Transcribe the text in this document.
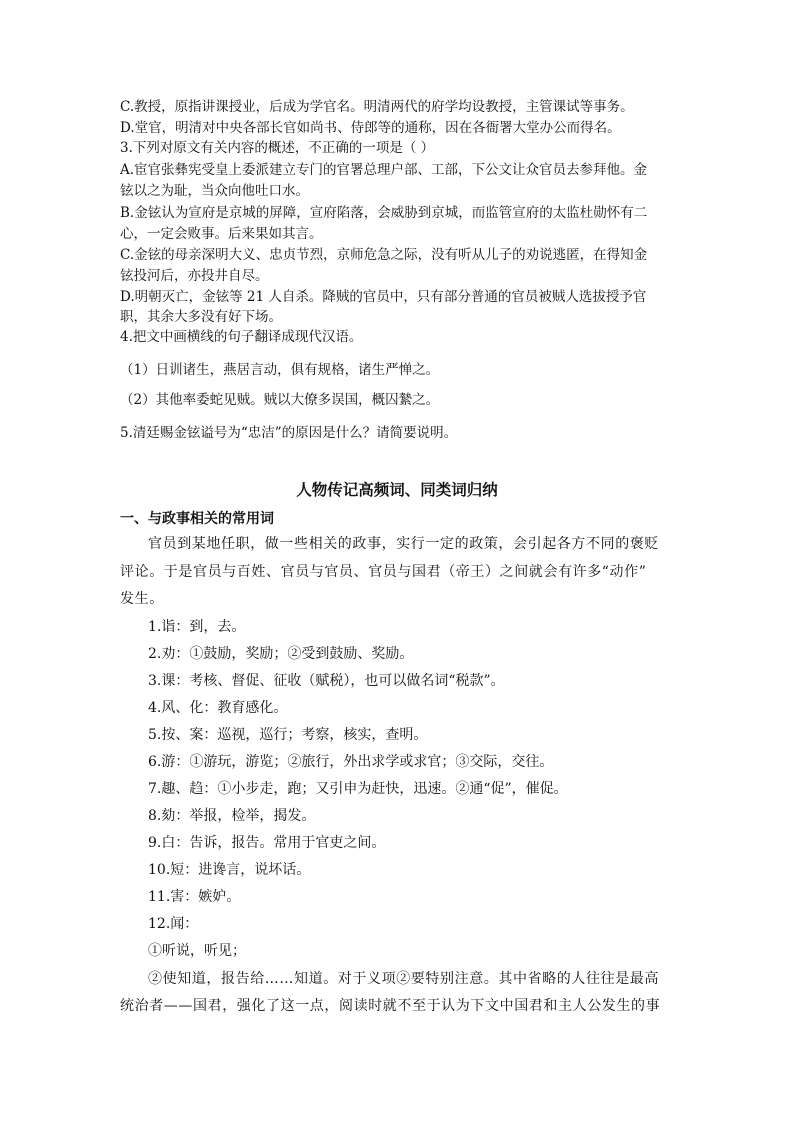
C.教授，原指讲课授业，后成为学官名。明清两代的府学均设教授，主管课试等事务。
D.堂官，明清对中央各部长官如尚书、侍郎等的通称，因在各衙署大堂办公而得名。
3.下列对原文有关内容的概述，不正确的一项是（ ）
A.宦官张彝宪受皇上委派建立专门的官署总理户部、工部，下公文让众官员去参拜他。金
铉以之为耻，当众向他吐口水。
B.金铉认为宣府是京城的屏障，宣府陷落，会威胁到京城，而监管宣府的太监杜勋怀有二
心，一定会败事。后来果如其言。
C.金铉的母亲深明大义、忠贞节烈，京师危急之际，没有听从儿子的劝说逃匿，在得知金
铉投河后，亦投井自尽。
D.明朝灭亡，金铉等 21 人自杀。降贼的官员中，只有部分普通的官员被贼人选拔授予官
职，其余大多没有好下场。
4.把文中画横线的句子翻译成现代汉语。
（1）日训诸生，燕居言动，俱有规格，诸生严惮之。
（2）其他率委蛇见贼。贼以大僚多误国，概囚縶之。
5.清廷赐金铉谥号为“忠洁”的原因是什么？请简要说明。
人物传记高频词、同类词归纳
一、与政事相关的常用词
官员到某地任职，做一些相关的政事，实行一定的政策，会引起各方不同的褒贬
评论。于是官员与百姓、官员与官员、官员与国君（帝王）之间就会有许多“动作”
发生。
1.诣：到，去。
2.劝：①鼓励，奖励；②受到鼓励、奖励。
3.课：考核、督促、征收（赋税），也可以做名词“税款”。
4.风、化：教育感化。
5.按、案：巡视，巡行；考察，核实，查明。
6.游：①游玩，游览；②旅行，外出求学或求官；③交际，交往。
7.趣、趋：①小步走，跑；又引申为赶快，迅速。②通“促”，催促。
8.劾：举报，检举，揭发。
9.白：告诉，报告。常用于官吏之间。
10.短：进谗言，说坏话。
11.害：嫉妒。
12.闻：
①听说，听见；
②使知道，报告给……知道。对于义项②要特别注意。其中省略的人往往是最高
统治者——国君，强化了这一点，阅读时就不至于认为下文中国君和主人公发生的事
